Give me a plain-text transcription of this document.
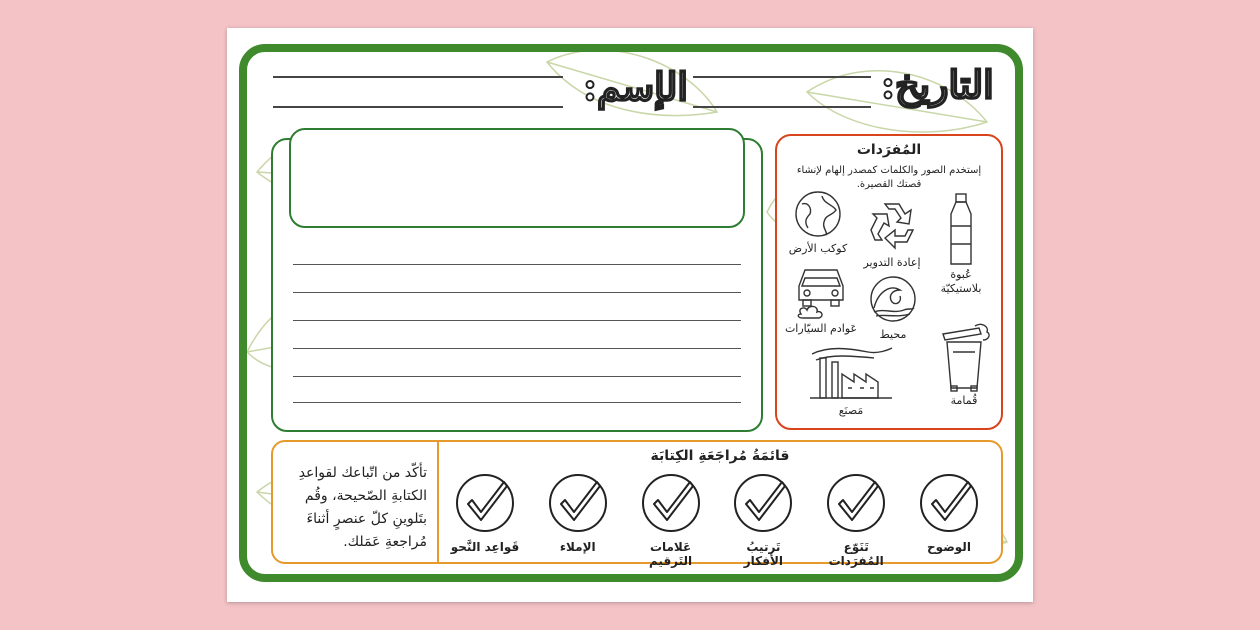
الإسم:	التاريخ:
المُفرَدات
إستخدم الصور والكلمات كمصدر إلهام لإنشاء قصتك القصيرة.
عُبوة بلاستيكيّة
إعادة التدوير
كوكب الأرض
محيط
عَوادم السيّارات
قُمامة
مَصنَع
تأكّد من اتّباعك لقواعدِ الكتابةِ الصّحيحة، وقُم بتَلوينِ كلّ عنصرٍ أثناءَ مُراجعةِ عَمَلك.
قائمَةُ مُراجَعَةِ الكِتابَة
الوضوح
تَنَوّع المُفرَدات
تَرتيبُ الأفكار
عَلامات التَرقيم
الإملاء
قَواعِد النَّحو
